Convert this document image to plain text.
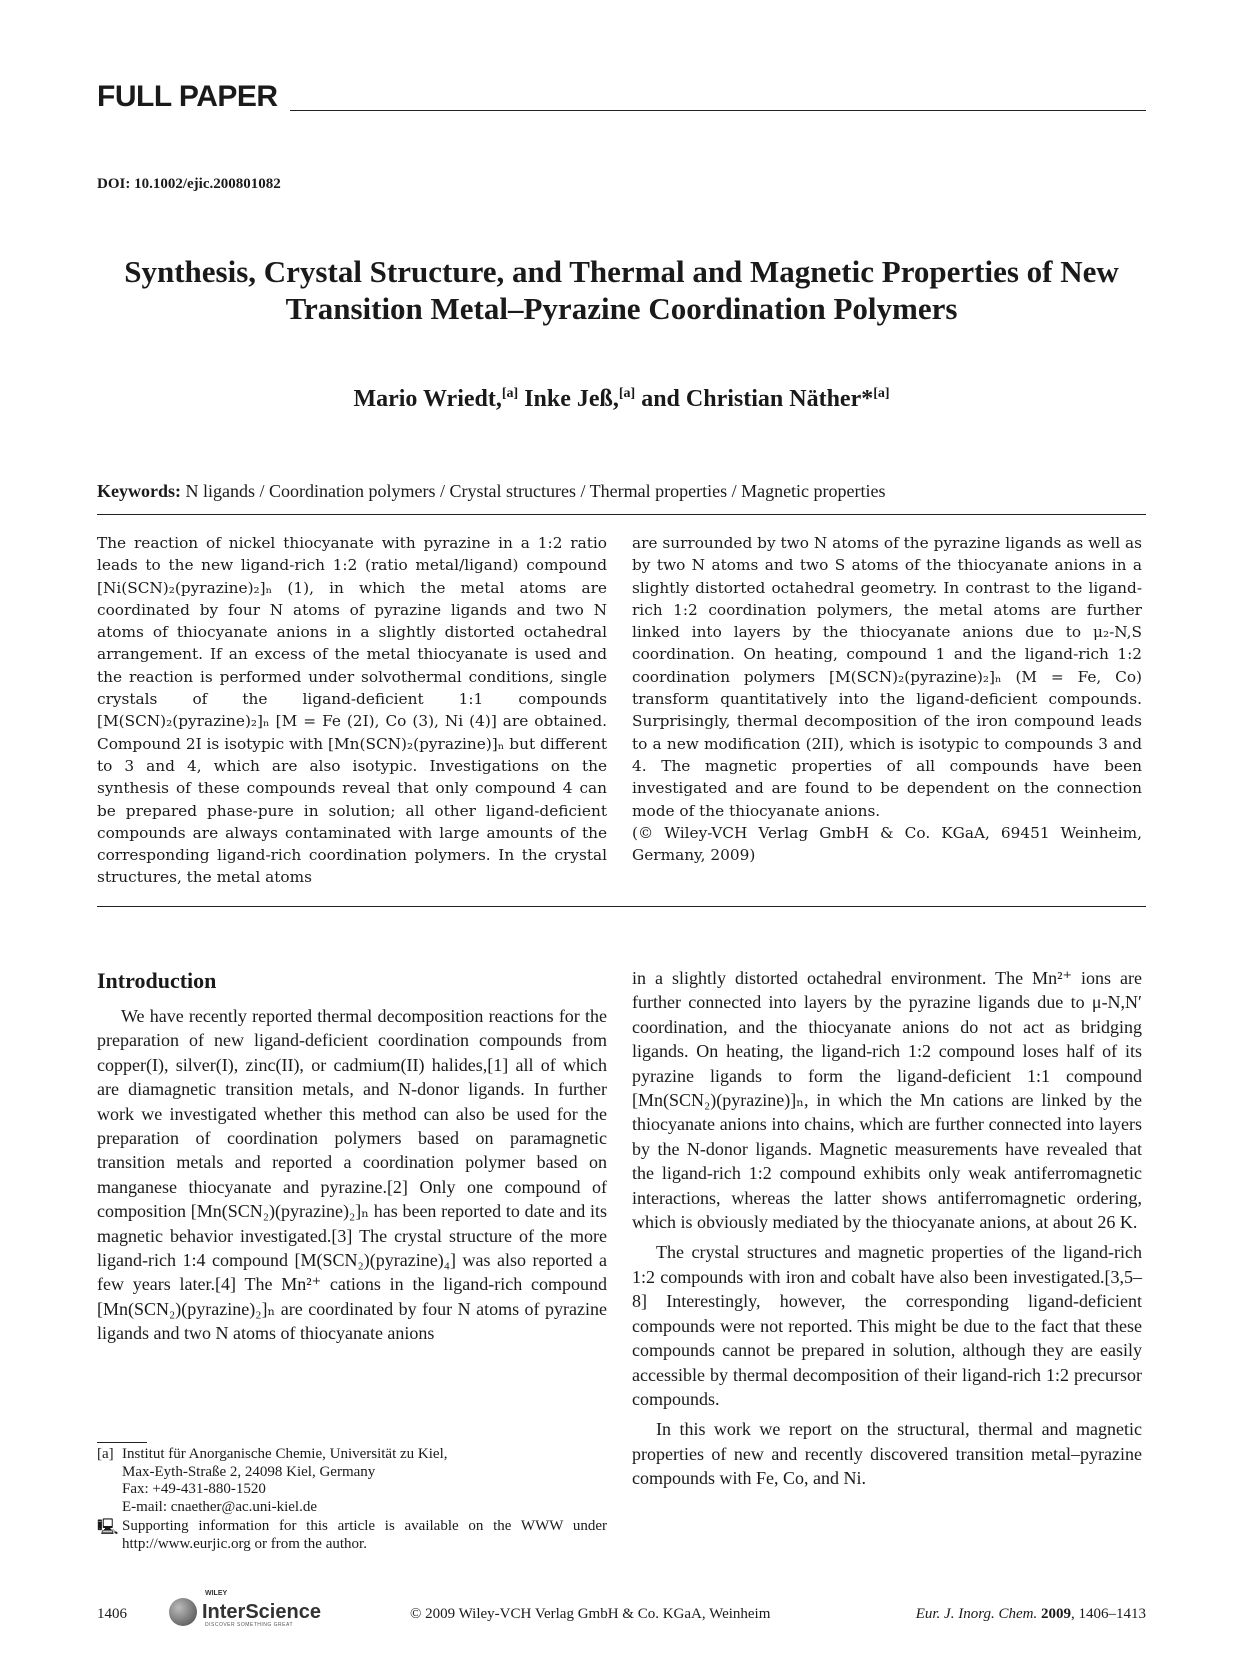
FULL PAPER
DOI: 10.1002/ejic.200801082
Synthesis, Crystal Structure, and Thermal and Magnetic Properties of New Transition Metal–Pyrazine Coordination Polymers
Mario Wriedt,[a] Inke Jeß,[a] and Christian Näther*[a]
Keywords: N ligands / Coordination polymers / Crystal structures / Thermal properties / Magnetic properties

The reaction of nickel thiocyanate with pyrazine in a 1:2 ratio leads to the new ligand-rich 1:2 (ratio metal/ligand) compound [Ni(SCN)₂(pyrazine)₂]ₙ (1), in which the metal atoms are coordinated by four N atoms of pyrazine ligands and two N atoms of thiocyanate anions in a slightly distorted octahedral arrangement. If an excess of the metal thiocyanate is used and the reaction is performed under solvothermal conditions, single crystals of the ligand-deficient 1:1 compounds [M(SCN)₂(pyrazine)₂]ₙ [M = Fe (2I), Co (3), Ni (4)] are obtained. Compound 2I is isotypic with [Mn(SCN)₂(pyrazine)]ₙ but different to 3 and 4, which are also isotypic. Investigations on the synthesis of these compounds reveal that only compound 4 can be prepared phase-pure in solution; all other ligand-deficient compounds are always contaminated with large amounts of the corresponding ligand-rich coordination polymers. In the crystal structures, the metal atoms

are surrounded by two N atoms of the pyrazine ligands as well as by two N atoms and two S atoms of the thiocyanate anions in a slightly distorted octahedral geometry. In contrast to the ligand-rich 1:2 coordination polymers, the metal atoms are further linked into layers by the thiocyanate anions due to μ₂-N,S coordination. On heating, compound 1 and the ligand-rich 1:2 coordination polymers [M(SCN)₂(pyrazine)₂]ₙ (M = Fe, Co) transform quantitatively into the ligand-deficient compounds. Surprisingly, thermal decomposition of the iron compound leads to a new modification (2II), which is isotypic to compounds 3 and 4. The magnetic properties of all compounds have been investigated and are found to be dependent on the connection mode of the thiocyanate anions.

(© Wiley-VCH Verlag GmbH & Co. KGaA, 69451 Weinheim, Germany, 2009)

Introduction

We have recently reported thermal decomposition reactions for the preparation of new ligand-deficient coordination compounds from copper(I), silver(I), zinc(II), or cadmium(II) halides,[1] all of which are diamagnetic transition metals, and N-donor ligands. In further work we investigated whether this method can also be used for the preparation of coordination polymers based on paramagnetic transition metals and reported a coordination polymer based on manganese thiocyanate and pyrazine.[2] Only one compound of composition [Mn(SCN₂)(pyrazine)₂]ₙ has been reported to date and its magnetic behavior investigated.[3] The crystal structure of the more ligand-rich 1:4 compound [M(SCN₂)(pyrazine)₄] was also reported a few years later.[4] The Mn²⁺ cations in the ligand-rich compound [Mn(SCN₂)(pyrazine)₂]ₙ are coordinated by four N atoms of pyrazine ligands and two N atoms of thiocyanate anions

in a slightly distorted octahedral environment. The Mn²⁺ ions are further connected into layers by the pyrazine ligands due to μ-N,N′ coordination, and the thiocyanate anions do not act as bridging ligands. On heating, the ligand-rich 1:2 compound loses half of its pyrazine ligands to form the ligand-deficient 1:1 compound [Mn(SCN₂)(pyrazine)]ₙ, in which the Mn cations are linked by the thiocyanate anions into chains, which are further connected into layers by the N-donor ligands. Magnetic measurements have revealed that the ligand-rich 1:2 compound exhibits only weak antiferromagnetic interactions, whereas the latter shows antiferromagnetic ordering, which is obviously mediated by the thiocyanate anions, at about 26 K.

The crystal structures and magnetic properties of the ligand-rich 1:2 compounds with iron and cobalt have also been investigated.[3,5–8] Interestingly, however, the corresponding ligand-deficient compounds were not reported. This might be due to the fact that these compounds cannot be prepared in solution, although they are easily accessible by thermal decomposition of their ligand-rich 1:2 precursor compounds.

In this work we report on the structural, thermal and magnetic properties of new and recently discovered transition metal–pyrazine compounds with Fe, Co, and Ni.

[a] Institut für Anorganische Chemie, Universität zu Kiel,
Max-Eyth-Straße 2, 24098 Kiel, Germany
Fax: +49-431-880-1520
E-mail: cnaether@ac.uni-kiel.de
🖳 Supporting information for this article is available on the WWW under http://www.eurjic.org or from the author.
1406	InterScience
WILEY
DISCOVER SOMETHING GREAT
© 2009 Wiley-VCH Verlag GmbH & Co. KGaA, Weinheim	Eur. J. Inorg. Chem. 2009, 1406–1413
